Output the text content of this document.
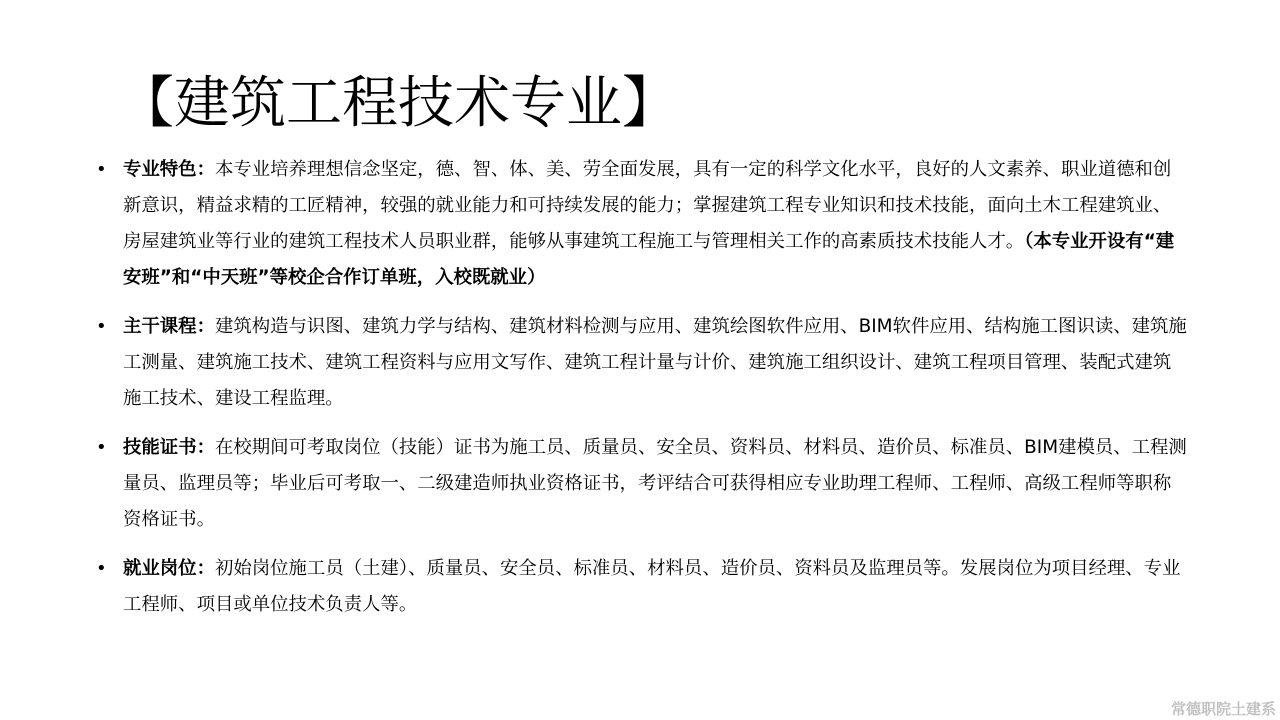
【建筑工程技术专业】
• 专业特色：本专业培养理想信念坚定，德、智、体、美、劳全面发展，具有一定的科学文化水平，良好的人文素养、职业道德和创新意识，精益求精的工匠精神，较强的就业能力和可持续发展的能力；掌握建筑工程专业知识和技术技能，面向土木工程建筑业、房屋建筑业等行业的建筑工程技术人员职业群，能够从事建筑工程施工与管理相关工作的高素质技术技能人才。（本专业开设有“建安班”和“中天班”等校企合作订单班，入校既就业）
• 主干课程：建筑构造与识图、建筑力学与结构、建筑材料检测与应用、建筑绘图软件应用、BIM软件应用、结构施工图识读、建筑施工测量、建筑施工技术、建筑工程资料与应用文写作、建筑工程计量与计价、建筑施工组织设计、建筑工程项目管理、装配式建筑施工技术、建设工程监理。
• 技能证书：在校期间可考取岗位（技能）证书为施工员、质量员、安全员、资料员、材料员、造价员、标准员、BIM建模员、工程测量员、监理员等；毕业后可考取一、二级建造师执业资格证书，考评结合可获得相应专业助理工程师、工程师、高级工程师等职称资格证书。
• 就业岗位：初始岗位施工员（土建）、质量员、安全员、标准员、材料员、造价员、资料员及监理员等。发展岗位为项目经理、专业工程师、项目或单位技术负责人等。
常德职院土建系
